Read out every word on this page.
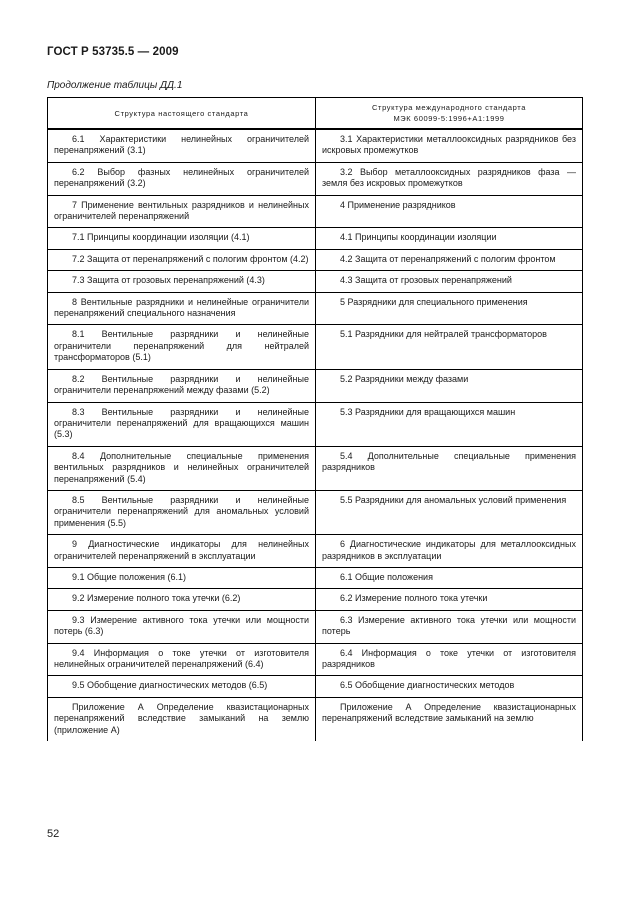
ГОСТ Р 53735.5 — 2009
Продолжение таблицы ДД.1
Структура настоящего стандарта	Структура международного стандарта
МЭК 60099-5:1996+А1:1999

6.1 Характеристики нелинейных ограничителей перенапряжений (3.1)	3.1 Характеристики металлооксидных разрядников без искровых промежутков
6.2 Выбор фазных нелинейных ограничителей перенапряжений (3.2)	3.2 Выбор металлооксидных разрядников фаза — земля без искровых промежутков
7 Применение вентильных разрядников и нелинейных ограничителей перенапряжений	4 Применение разрядников
7.1 Принципы координации изоляции (4.1)	4.1 Принципы координации изоляции
7.2 Защита от перенапряжений с пологим фронтом (4.2)	4.2 Защита от перенапряжений с пологим фронтом
7.3 Защита от грозовых перенапряжений (4.3)	4.3 Защита от грозовых перенапряжений
8 Вентильные разрядники и нелинейные ограничители перенапряжений специального назначения	5 Разрядники для специального применения
8.1 Вентильные разрядники и нелинейные ограничители перенапряжений для нейтралей трансформаторов (5.1)	5.1 Разрядники для нейтралей трансформаторов
8.2 Вентильные разрядники и нелинейные ограничители перенапряжений между фазами (5.2)	5.2 Разрядники между фазами
8.3 Вентильные разрядники и нелинейные ограничители перенапряжений для вращающихся машин (5.3)	5.3 Разрядники для вращающихся машин
8.4 Дополнительные специальные применения вентильных разрядников и нелинейных ограничителей перенапряжений (5.4)	5.4 Дополнительные специальные применения разрядников
8.5 Вентильные разрядники и нелинейные ограничители перенапряжений для аномальных условий применения (5.5)	5.5 Разрядники для аномальных условий применения
9 Диагностические индикаторы для нелинейных ограничителей перенапряжений в эксплуатации	6 Диагностические индикаторы для металлооксидных разрядников в эксплуатации
9.1 Общие положения (6.1)	6.1 Общие положения
9.2 Измерение полного тока утечки (6.2)	6.2 Измерение полного тока утечки
9.3 Измерение активного тока утечки или мощности потерь (6.3)	6.3 Измерение активного тока утечки или мощности потерь
9.4 Информация о токе утечки от изготовителя нелинейных ограничителей перенапряжений (6.4)	6.4 Информация о токе утечки от изготовителя разрядников
9.5 Обобщение диагностических методов (6.5)	6.5 Обобщение диагностических методов
Приложение А Определение квазистационарных перенапряжений вследствие замыканий на землю (приложение А)	Приложение А Определение квазистационарных перенапряжений вследствие замыканий на землю
52
